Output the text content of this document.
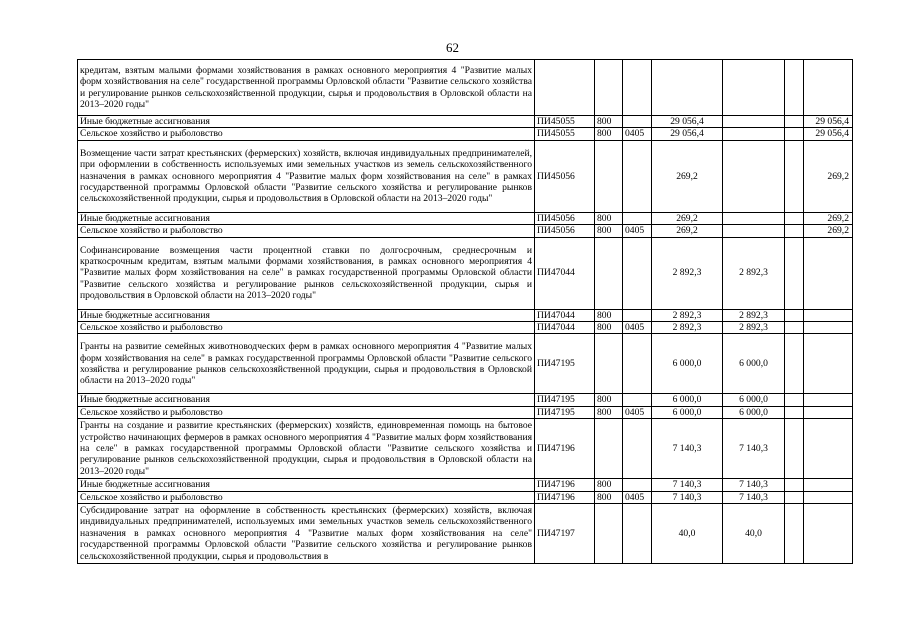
62
кредитам, взятым малыми формами хозяйствования в рамках основного мероприятия 4 "Развитие малых форм хозяйствования на селе" государственной программы Орловской области "Развитие сельского хозяйства и регулирование рынков сельскохозяйственной продукции, сырья и продовольствия в Орловской области на 2013–2020 годы"							
Иные бюджетные ассигнования	ПИ45055	800		29 056,4			29 056,4
Сельское хозяйство и рыболовство	ПИ45055	800	0405	29 056,4			29 056,4
Возмещение части затрат крестьянских (фермерских) хозяйств, включая индивидуальных предпринимателей, при оформлении в собственность используемых ими земельных участков из земель сельскохозяйственного назначения в рамках основного мероприятия 4 "Развитие малых форм хозяйствования на селе" в рамках государственной программы Орловской области "Развитие сельского хозяйства и регулирование рынков сельскохозяйственной продукции, сырья и продовольствия в Орловской области на 2013–2020 годы"	ПИ45056			269,2			269,2
Иные бюджетные ассигнования	ПИ45056	800		269,2			269,2
Сельское хозяйство и рыболовство	ПИ45056	800	0405	269,2			269,2
Софинансирование возмещения части процентной ставки по долгосрочным, среднесрочным и краткосрочным кредитам, взятым малыми формами хозяйствования, в рамках основного мероприятия 4 "Развитие малых форм хозяйствования на селе" в рамках государственной программы Орловской области "Развитие сельского хозяйства и регулирование рынков сельскохозяйственной продукции, сырья и продовольствия в Орловской области на 2013–2020 годы"	ПИ47044			2 892,3	2 892,3		
Иные бюджетные ассигнования	ПИ47044	800		2 892,3	2 892,3		
Сельское хозяйство и рыболовство	ПИ47044	800	0405	2 892,3	2 892,3		
Гранты на развитие семейных животноводческих ферм в рамках основного мероприятия 4 "Развитие малых форм хозяйствования на селе" в рамках государственной программы Орловской области "Развитие сельского хозяйства и регулирование рынков сельскохозяйственной продукции, сырья и продовольствия в Орловской области на 2013–2020 годы"	ПИ47195			6 000,0	6 000,0		
Иные бюджетные ассигнования	ПИ47195	800		6 000,0	6 000,0		
Сельское хозяйство и рыболовство	ПИ47195	800	0405	6 000,0	6 000,0		
Гранты на создание и развитие крестьянских (фермерских) хозяйств, единовременная помощь на бытовое устройство начинающих фермеров в рамках основного мероприятия 4 "Развитие малых форм хозяйствования на селе" в рамках государственной программы Орловской области "Развитие сельского хозяйства и регулирование рынков сельскохозяйственной продукции, сырья и продовольствия в Орловской области на 2013–2020 годы"	ПИ47196			7 140,3	7 140,3		
Иные бюджетные ассигнования	ПИ47196	800		7 140,3	7 140,3		
Сельское хозяйство и рыболовство	ПИ47196	800	0405	7 140,3	7 140,3		
Субсидирование затрат на оформление в собственность крестьянских (фермерских) хозяйств, включая индивидуальных предпринимателей, используемых ими земельных участков земель сельскохозяйственного назначения в рамках основного мероприятия 4 "Развитие малых форм хозяйствования на селе" государственной программы Орловской области "Развитие сельского хозяйства и регулирование рынков сельскохозяйственной продукции, сырья и продовольствия в	ПИ47197			40,0	40,0		
